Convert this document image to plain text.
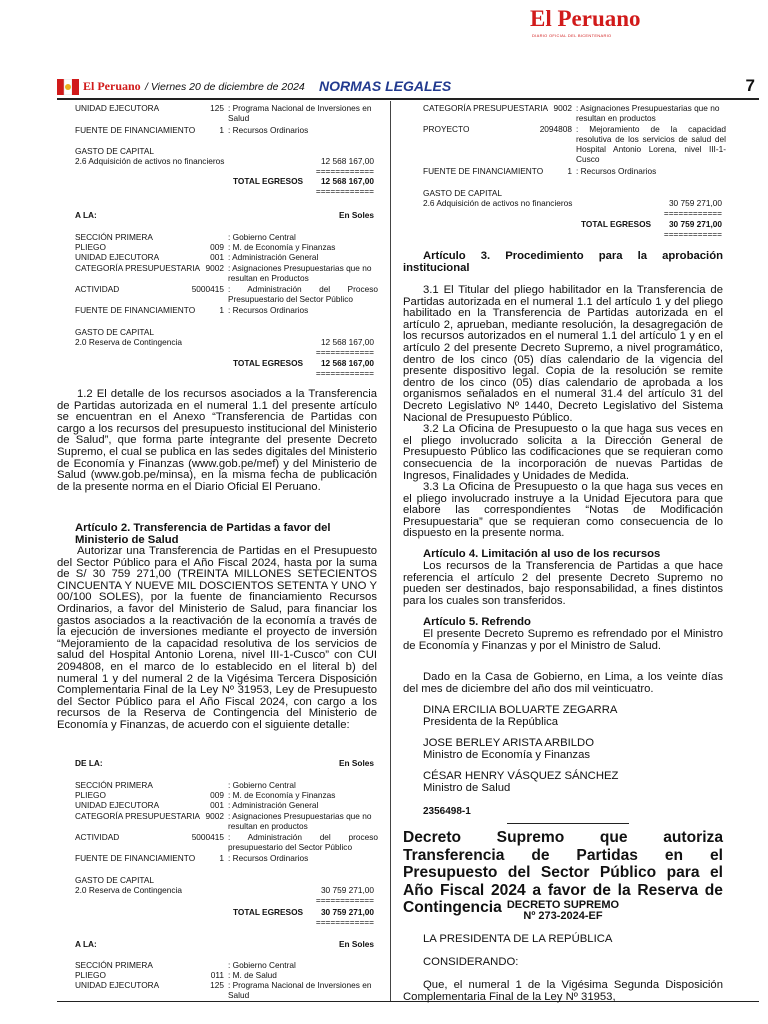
El Peruano
DIARIO OFICIAL DEL BICENTENARIO
El Peruano / Viernes 20 de diciembre de 2024 NORMAS LEGALES	7
UNIDAD EJECUTORA	125 : Programa Nacional de Inversiones en Salud
FUENTE DE FINANCIAMIENTO	1 : Recursos Ordinarios
GASTO DE CAPITAL
2.6 Adquisición de activos no financieros	12 568 167,00
============
TOTAL EGRESOS	12 568 167,00
============
A LA:	En Soles
SECCIÓN PRIMERA	: Gobierno Central
PLIEGO	009 : M. de Economía y Finanzas
UNIDAD EJECUTORA	001 : Administración General
CATEGORÍA PRESUPUESTARIA 9002 : Asignaciones Presupuestarias que no resultan en Productos
ACTIVIDAD	5000415 : Administración del Proceso Presupuestario del Sector Público
FUENTE DE FINANCIAMIENTO	1 : Recursos Ordinarios
GASTO DE CAPITAL
2.0 Reserva de Contingencia	12 568 167,00
============
TOTAL EGRESOS	12 568 167,00
============

1.2 El detalle de los recursos asociados a la Transferencia de Partidas autorizada en el numeral 1.1 del presente artículo se encuentran en el Anexo “Transferencia de Partidas con cargo a los recursos del presupuesto institucional del Ministerio de Salud”, que forma parte integrante del presente Decreto Supremo, el cual se publica en las sedes digitales del Ministerio de Economía y Finanzas (www.gob.pe/mef) y del Ministerio de Salud (www.gob.pe/minsa), en la misma fecha de publicación de la presente norma en el Diario Oficial El Peruano.

Artículo 2. Transferencia de Partidas a favor del Ministerio de Salud

Autorizar una Transferencia de Partidas en el Presupuesto del Sector Público para el Año Fiscal 2024, hasta por la suma de S/ 30 759 271,00 (TREINTA MILLONES SETECIENTOS CINCUENTA Y NUEVE MIL DOSCIENTOS SETENTA Y UNO Y 00/100 SOLES), por la fuente de financiamiento Recursos Ordinarios, a favor del Ministerio de Salud, para financiar los gastos asociados a la reactivación de la economía a través de la ejecución de inversiones mediante el proyecto de inversión “Mejoramiento de la capacidad resolutiva de los servicios de salud del Hospital Antonio Lorena, nivel III-1-Cusco” con CUI 2094808, en el marco de lo establecido en el literal b) del numeral 1 y del numeral 2 de la Vigésima Tercera Disposición Complementaria Final de la Ley Nº 31953, Ley de Presupuesto del Sector Público para el Año Fiscal 2024, con cargo a los recursos de la Reserva de Contingencia del Ministerio de Economía y Finanzas, de acuerdo con el siguiente detalle:

DE LA:	En Soles
SECCIÓN PRIMERA	: Gobierno Central
PLIEGO	009 : M. de Economía y Finanzas
UNIDAD EJECUTORA	001 : Administración General
CATEGORÍA PRESUPUESTARIA 9002 : Asignaciones Presupuestarias que no resultan en productos
ACTIVIDAD	5000415 : Administración del proceso presupuestario del Sector Público
FUENTE DE FINANCIAMIENTO	1 : Recursos Ordinarios
GASTO DE CAPITAL
2.0 Reserva de Contingencia	30 759 271,00
============
TOTAL EGRESOS	30 759 271,00
============
A LA:	En Soles
SECCIÓN PRIMERA	: Gobierno Central
PLIEGO	011 : M. de Salud
UNIDAD EJECUTORA	125 : Programa Nacional de Inversiones en Salud
CATEGORÍA PRESUPUESTARIA 9002 : Asignaciones Presupuestarias que no resultan en productos
PROYECTO	2094808 : Mejoramiento de la capacidad resolutiva de los servicios de salud del Hospital Antonio Lorena, nivel III-1-Cusco
FUENTE DE FINANCIAMIENTO	1 : Recursos Ordinarios
GASTO DE CAPITAL
2.6 Adquisición de activos no financieros	30 759 271,00
============
TOTAL EGRESOS	30 759 271,00
============
Artículo 3. Procedimiento para la aprobación institucional

3.1 El Titular del pliego habilitador en la Transferencia de Partidas autorizada en el numeral 1.1 del artículo 1 y del pliego habilitado en la Transferencia de Partidas autorizada en el artículo 2, aprueban, mediante resolución, la desagregación de los recursos autorizados en el numeral 1.1 del artículo 1 y en el artículo 2 del presente Decreto Supremo, a nivel programático, dentro de los cinco (05) días calendario de la vigencia del presente dispositivo legal. Copia de la resolución se remite dentro de los cinco (05) días calendario de aprobada a los organismos señalados en el numeral 31.4 del artículo 31 del Decreto Legislativo Nº 1440, Decreto Legislativo del Sistema Nacional de Presupuesto Público.

3.2 La Oficina de Presupuesto o la que haga sus veces en el pliego involucrado solicita a la Dirección General de Presupuesto Público las codificaciones que se requieran como consecuencia de la incorporación de nuevas Partidas de Ingresos, Finalidades y Unidades de Medida.

3.3 La Oficina de Presupuesto o la que haga sus veces en el pliego involucrado instruye a la Unidad Ejecutora para que elabore las correspondientes “Notas de Modificación Presupuestaria” que se requieran como consecuencia de lo dispuesto en la presente norma.

Artículo 4. Limitación al uso de los recursos

Los recursos de la Transferencia de Partidas a que hace referencia el artículo 2 del presente Decreto Supremo no pueden ser destinados, bajo responsabilidad, a fines distintos para los cuales son transferidos.

Artículo 5. Refrendo

El presente Decreto Supremo es refrendado por el Ministro de Economía y Finanzas y por el Ministro de Salud.

Dado en la Casa de Gobierno, en Lima, a los veinte días del mes de diciembre del año dos mil veinticuatro.

DINA ERCILIA BOLUARTE ZEGARRA
Presidenta de la República
JOSE BERLEY ARISTA ARBILDO
Ministro de Economía y Finanzas
CÉSAR HENRY VÁSQUEZ SÁNCHEZ
Ministro de Salud
2356498-1
Decreto Supremo que autoriza Transferencia de Partidas en el Presupuesto del Sector Público para el Año Fiscal 2024 a favor de la Reserva de Contingencia DECRETO SUPREMO
Nº 273-2024-EF
LA PRESIDENTA DE LA REPÚBLICA
CONSIDERANDO:

Que, el numeral 1 de la Vigésima Segunda Disposición Complementaria Final de la Ley Nº 31953,
